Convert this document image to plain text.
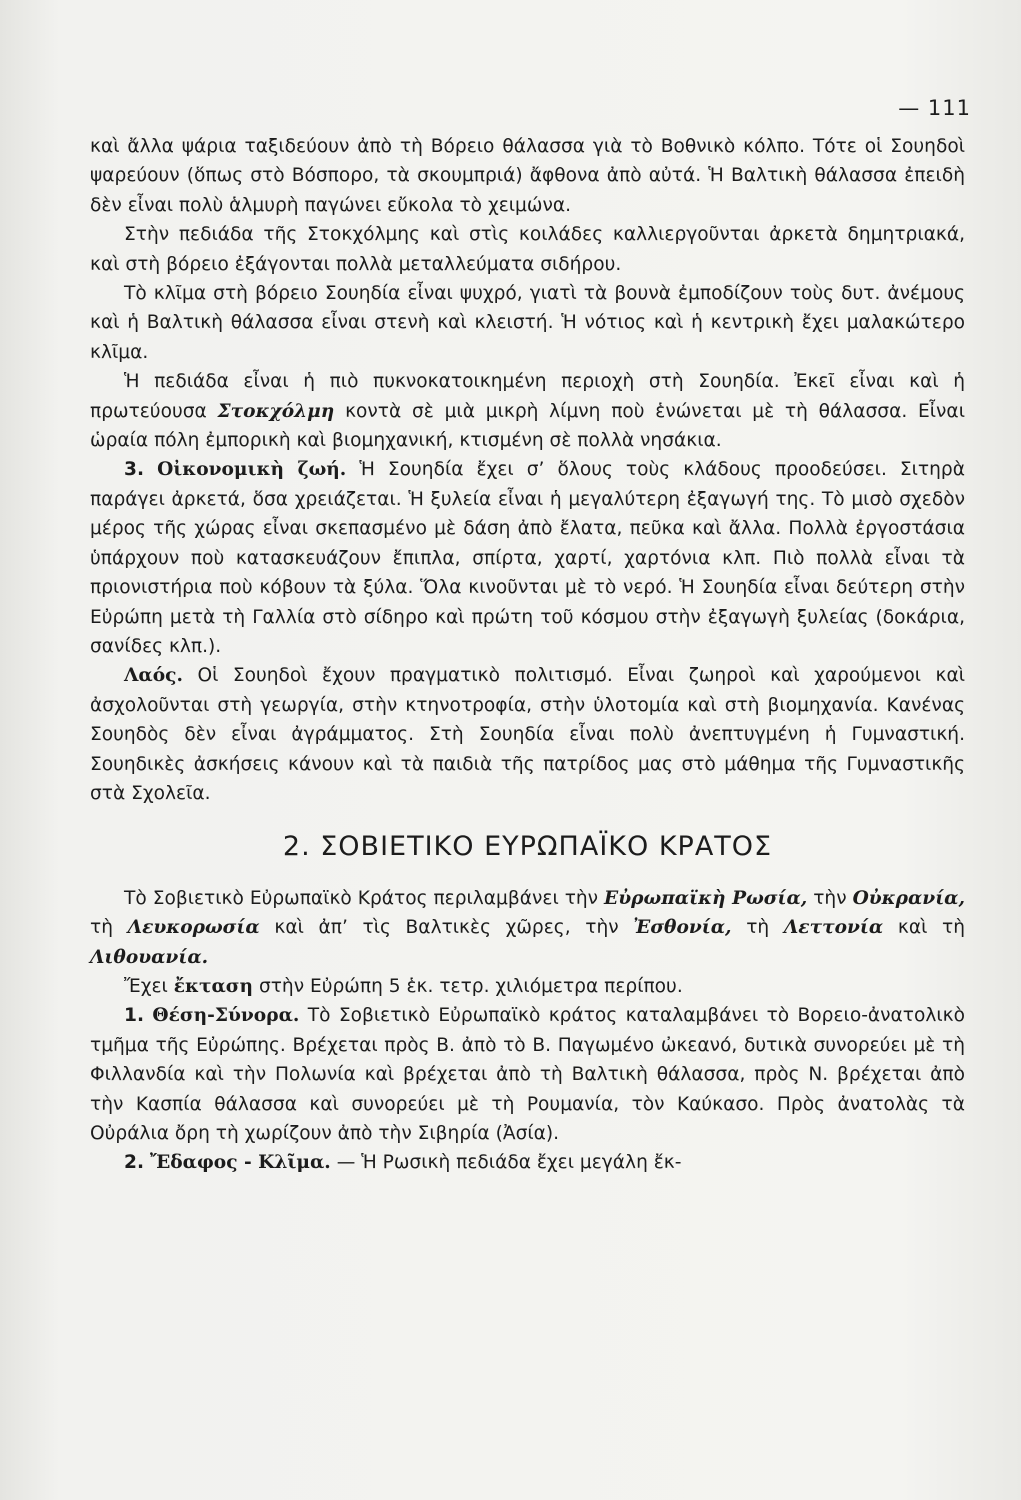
— 111

καὶ ἄλλα ψάρια ταξιδεύουν ἀπὸ τὴ Βόρειο θάλασσα γιὰ τὸ Βοθνικὸ κόλπο. Τότε οἱ Σουηδοὶ ψαρεύουν (ὅπως στὸ Βόσπορο, τὰ σκουμπριά) ἄφθονα ἀπὸ αὐτά. Ἡ Βαλτικὴ θάλασσα ἐπειδὴ δὲν εἶναι πολὺ ἁλμυρὴ παγώνει εὔκολα τὸ χειμώνα.

Στὴν πεδιάδα τῆς Στοκχόλμης καὶ στὶς κοιλάδες καλλιεργοῦνται ἀρκετὰ δημητριακά, καὶ στὴ βόρειο ἐξάγονται πολλὰ μεταλλεύματα σιδήρου.

Τὸ κλῖμα στὴ βόρειο Σουηδία εἶναι ψυχρό, γιατὶ τὰ βουνὰ ἐμποδίζουν τοὺς δυτ. ἀνέμους καὶ ἡ Βαλτικὴ θάλασσα εἶναι στενὴ καὶ κλειστή. Ἡ νότιος καὶ ἡ κεντρικὴ ἔχει μαλακώτερο κλῖμα.

Ἡ πεδιάδα εἶναι ἡ πιὸ πυκνοκατοικημένη περιοχὴ στὴ Σουηδία. Ἐκεῖ εἶναι καὶ ἡ πρωτεύουσα Στοκχόλμη κοντὰ σὲ μιὰ μικρὴ λίμνη ποὺ ἑνώνεται μὲ τὴ θάλασσα. Εἶναι ὡραία πόλη ἐμπορικὴ καὶ βιομηχανική, κτισμένη σὲ πολλὰ νησάκια.

3. Οἰκονομικὴ ζωή. Ἡ Σουηδία ἔχει σ’ ὅλους τοὺς κλάδους προοδεύσει. Σιτηρὰ παράγει ἀρκετά, ὅσα χρειάζεται. Ἡ ξυλεία εἶναι ἡ μεγαλύτερη ἐξαγωγή της. Τὸ μισὸ σχεδὸν μέρος τῆς χώρας εἶναι σκεπασμένο μὲ δάση ἀπὸ ἔλατα, πεῦκα καὶ ἄλλα. Πολλὰ ἐργοστάσια ὑπάρχουν ποὺ κατασκευάζουν ἔπιπλα, σπίρτα, χαρτί, χαρτόνια κλπ. Πιὸ πολλὰ εἶναι τὰ πριονιστήρια ποὺ κόβουν τὰ ξύλα. Ὅλα κινοῦνται μὲ τὸ νερό. Ἡ Σουηδία εἶναι δεύτερη στὴν Εὐρώπη μετὰ τὴ Γαλλία στὸ σίδηρο καὶ πρώτη τοῦ κόσμου στὴν ἐξαγωγὴ ξυλείας (δοκάρια, σανίδες κλπ.).

Λαός. Οἱ Σουηδοὶ ἔχουν πραγματικὸ πολιτισμό. Εἶναι ζωηροὶ καὶ χαρούμενοι καὶ ἀσχολοῦνται στὴ γεωργία, στὴν κτηνοτροφία, στὴν ὑλοτομία καὶ στὴ βιομηχανία. Κανένας Σουηδὸς δὲν εἶναι ἀγράμματος. Στὴ Σουηδία εἶναι πολὺ ἀνεπτυγμένη ἡ Γυμναστική. Σουηδικὲς ἀσκήσεις κάνουν καὶ τὰ παιδιὰ τῆς πατρίδος μας στὸ μάθημα τῆς Γυμναστικῆς στὰ Σχολεῖα.

2. ΣΟΒΙΕΤΙΚΟ ΕΥΡΩΠΑΪΚΟ ΚΡΑΤΟΣ

Τὸ Σοβιετικὸ Εὐρωπαϊκὸ Κράτος περιλαμβάνει τὴν Εὐρωπαϊκὴ Ρωσία, τὴν Οὐκρανία, τὴ Λευκορωσία καὶ ἀπ’ τὶς Βαλτικὲς χῶρες, τὴν Ἐσθονία, τὴ Λεττονία καὶ τὴ Λιθουανία.

Ἔχει ἔκταση στὴν Εὐρώπη 5 ἑκ. τετρ. χιλιόμετρα περίπου.

1. Θέση-Σύνορα. Τὸ Σοβιετικὸ Εὐρωπαϊκὸ κράτος καταλαμβάνει τὸ Βορειο-ἀνατολικὸ τμῆμα τῆς Εὐρώπης. Βρέχεται πρὸς Β. ἀπὸ τὸ Β. Παγωμένο ὠκεανό, δυτικὰ συνορεύει μὲ τὴ Φιλλανδία καὶ τὴν Πολωνία καὶ βρέχεται ἀπὸ τὴ Βαλτικὴ θάλασσα, πρὸς Ν. βρέχεται ἀπὸ τὴν Κασπία θάλασσα καὶ συνορεύει μὲ τὴ Ρουμανία, τὸν Καύκασο. Πρὸς ἀνατολὰς τὰ Οὐράλια ὄρη τὴ χωρίζουν ἀπὸ τὴν Σιβηρία (Ἀσία).

2. Ἔδαφος - Κλῖμα. — Ἡ Ρωσικὴ πεδιάδα ἔχει μεγάλη ἔκ-
